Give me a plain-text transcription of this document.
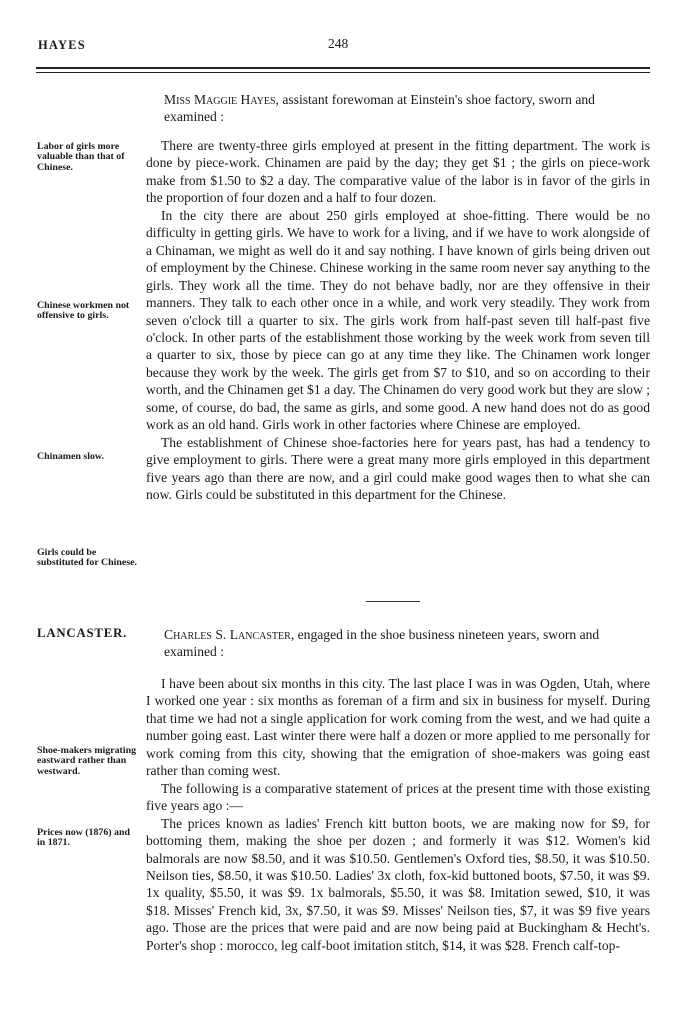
HAYES	248

Miss Maggie Hayes, assistant forewoman at Einstein's shoe factory, sworn and examined :

There are twenty-three girls employed at present in the fitting department. The work is done by piece-work. Chinamen are paid by the day; they get $1 ; the girls on piece-work make from $1.50 to $2 a day. The comparative value of the labor is in favor of the girls in the proportion of four dozen and a half to four dozen.

In the city there are about 250 girls employed at shoe-fitting. There would be no difficulty in getting girls. We have to work for a living, and if we have to work alongside of a Chinaman, we might as well do it and say nothing. I have known of girls being driven out of employment by the Chinese. Chinese working in the same room never say anything to the girls. They work all the time. They do not behave badly, nor are they offensive in their manners. They talk to each other once in a while, and work very steadily. They work from seven o'clock till a quarter to six. The girls work from half-past seven till half-past five o'clock. In other parts of the establishment those working by the week work from seven till a quarter to six, those by piece can go at any time they like. The Chinamen work longer because they work by the week. The girls get from $7 to $10, and so on according to their worth, and the Chinamen get $1 a day. The Chinamen do very good work but they are slow ; some, of course, do bad, the same as girls, and some good. A new hand does not do as good work as an old hand. Girls work in other factories where Chinese are employed.

The establishment of Chinese shoe-factories here for years past, has had a tendency to give employment to girls. There were a great many more girls employed in this department five years ago than there are now, and a girl could make good wages then to what she can now. Girls could be substituted in this department for the Chinese.

Labor of girls more valuable than that of Chinese.
Chinese workmen not offensive to girls.
Chinamen slow.
Girls could be substituted for Chinese.
LANCASTER.	Charles S. Lancaster, engaged in the shoe business nineteen years, sworn and examined :

I have been about six months in this city. The last place I was in was Ogden, Utah, where I worked one year : six months as foreman of a firm and six in business for myself. During that time we had not a single application for work coming from the west, and we had quite a number going east. Last winter there were half a dozen or more applied to me personally for work coming from this city, showing that the emigration of shoe-makers was going east rather than coming west.

The following is a comparative statement of prices at the present time with those existing five years ago :—

The prices known as ladies' French kitt button boots, we are making now for $9, for bottoming them, making the shoe per dozen ; and formerly it was $12. Women's kid balmorals are now $8.50, and it was $10.50. Gentlemen's Oxford ties, $8.50, it was $10.50. Neilson ties, $8.50, it was $10.50. Ladies' 3x cloth, fox-kid buttoned boots, $7.50, it was $9. 1x quality, $5.50, it was $9. 1x balmorals, $5.50, it was $8. Imitation sewed, $10, it was $18. Misses' French kid, 3x, $7.50, it was $9. Misses' Neilson ties, $7, it was $9 five years ago. Those are the prices that were paid and are now being paid at Buckingham & Hecht's. Porter's shop : morocco, leg calf-boot imitation stitch, $14, it was $28. French calf-top-

Shoe-makers migrating eastward rather than westward.
Prices now (1876) and in 1871.
